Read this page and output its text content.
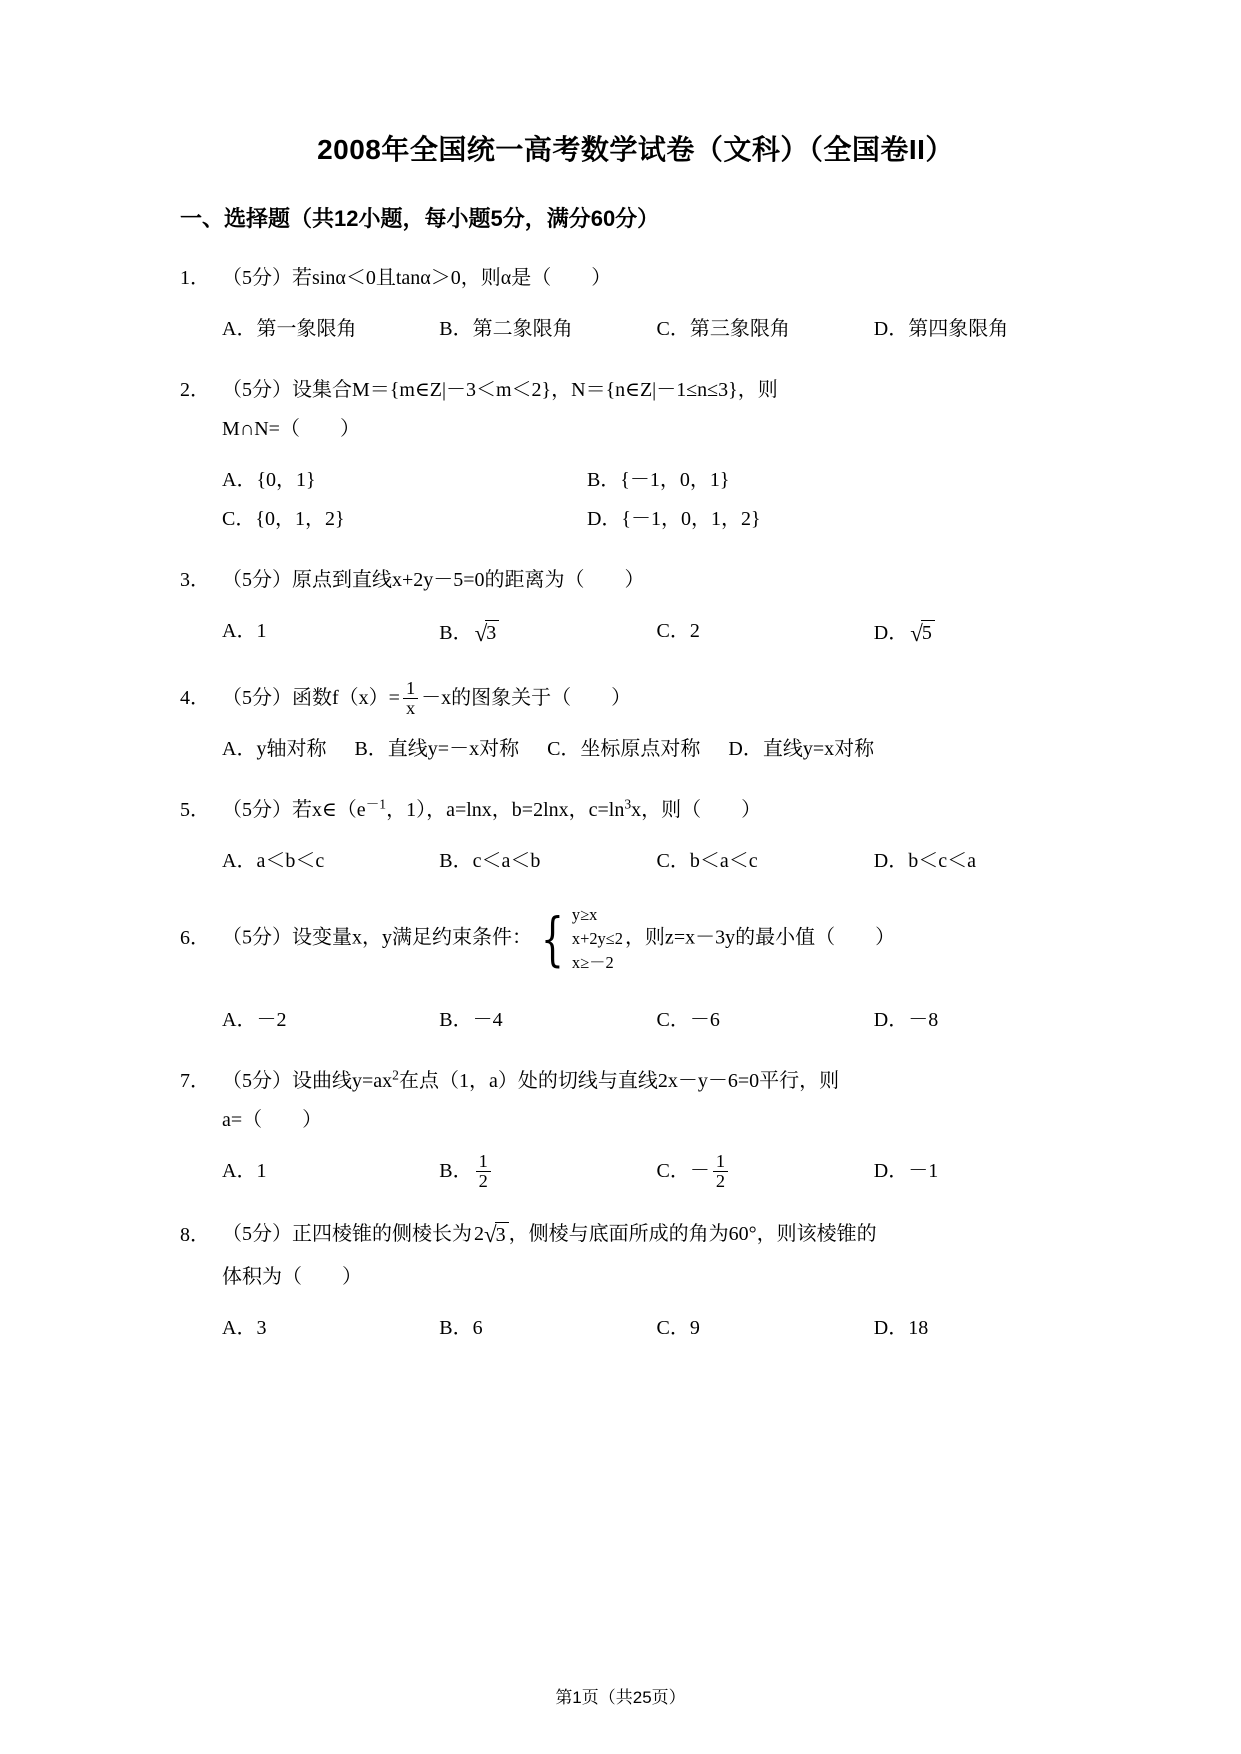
2008年全国统一高考数学试卷（文科）（全国卷II）
一、选择题（共12小题，每小题5分，满分60分）
1． （5分）若sinα＜0且tanα＞0，则α是（　　）
A．第一象限角	B．第二象限角	C．第三象限角	D．第四象限角
2． （5分）设集合M＝{m∈Z|－3＜m＜2}，N＝{n∈Z|－1≤n≤3}，则
M∩N=（　　）
A．{0，1}	B．{－1，0，1}
C．{0，1，2}	D．{－1，0，1，2}
3． （5分）原点到直线x+2y－5=0的距离为（　　）
A．1	B．√3	C．2	D．√5
4． （5分）函数$f(x)= \frac{1}{x} -x$的图象关于（　　）
A．y轴对称 B．直线y=－x对称 C．坐标原点对称 D．直线y=x对称
5． （5分）若$x\in(e^{-1}$，1），a=lnx，b=2lnx，$c=\ln^3x$，则（　　）
A．a＜b＜c	B．c＜a＜b	C．b＜a＜c	D．b＜c＜a
6． （5分）设变量x，y满足约束条件： { y≥x
x+2y≤2
x≥－2
，则z=x－3y的最小值（　　）
A．－2	B．－4	C．－6	D．－8
7． （5分）设曲线$y=ax^2$在点（1，a）处的切线与直线2x－y－6=0平行，则
a=（　　）
A．1	B． $\frac{1}{2}$	C．－ $\frac{1}{2}$	D．－1
8． （5分）正四棱锥的侧棱长为 2√3 ，侧棱与底面所成的角为60°，则该棱锥的
体积为（　　）
A．3	B．6	C．9	D．18
第1页（共25页）
